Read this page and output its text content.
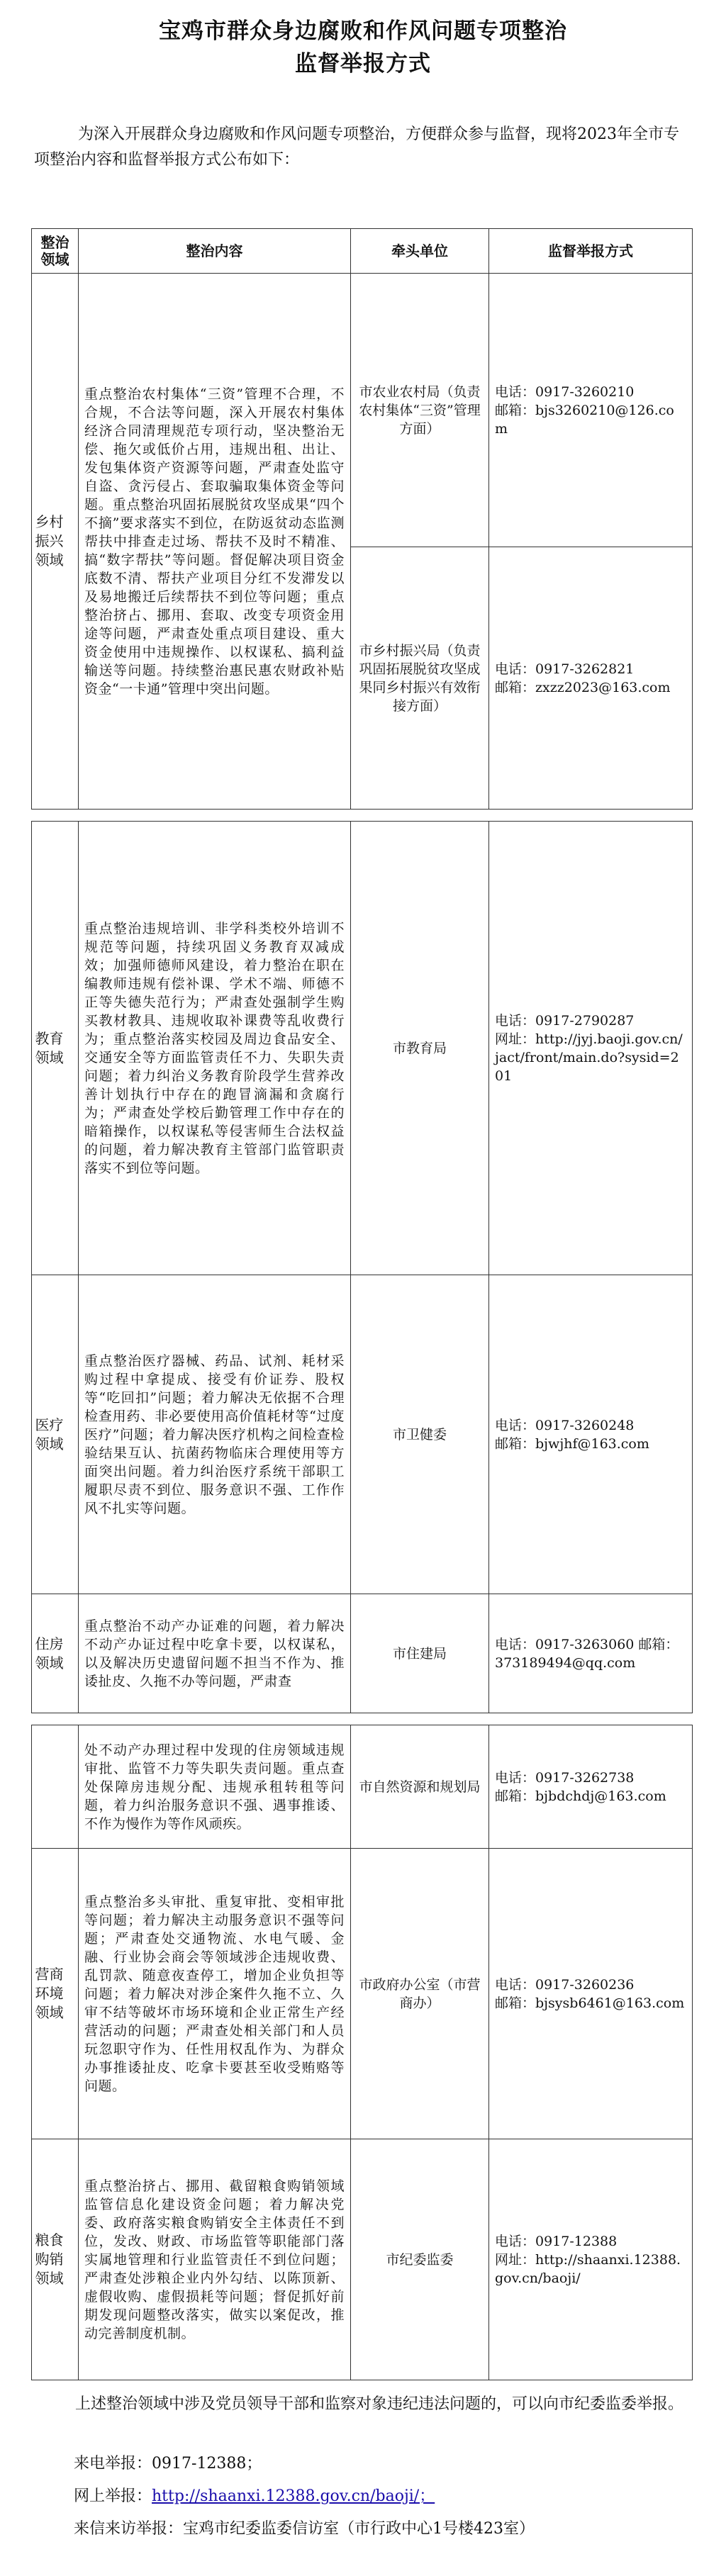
宝鸡市群众身边腐败和作风问题专项整治
监督举报方式
为深入开展群众身边腐败和作风问题专项整治，方便群众参与监督，现将2023年全市专项整治内容和监督举报方式公布如下：
整治领域	整治内容	牵头单位	监督举报方式
乡村振兴领域	重点整治农村集体“三资”管理不合理，不合规，不合法等问题，深入开展农村集体经济合同清理规范专项行动，坚决整治无偿、拖欠或低价占用，违规出租、出让、发包集体资产资源等问题，严肃查处监守自盗、贪污侵占、套取骗取集体资金等问题。重点整治巩固拓展脱贫攻坚成果“四个不摘”要求落实不到位，在防返贫动态监测帮扶中排查走过场、帮扶不及时不精准、搞“数字帮扶”等问题。督促解决项目资金底数不清、帮扶产业项目分红不发滞发以及易地搬迁后续帮扶不到位等问题；重点整治挤占、挪用、套取、改变专项资金用途等问题，严肃查处重点项目建设、重大资金使用中违规操作、以权谋私、搞利益输送等问题。持续整治惠民惠农财政补贴资金“一卡通”管理中突出问题。	市农业农村局（负责农村集体“三资”管理方面）	电话：0917-3260210
邮箱：bjs3260210@126.com

		市乡村振兴局（负责巩固拓展脱贫攻坚成果同乡村振兴有效衔接方面）	电话：0917-3262821
邮箱：zxzz2023@163.com

教育领域	重点整治违规培训、非学科类校外培训不规范等问题，持续巩固义务教育双减成效；加强师德师风建设，着力整治在职在编教师违规有偿补课、学术不端、师德不正等失德失范行为；严肃查处强制学生购买教材教具、违规收取补课费等乱收费行为；重点整治落实校园及周边食品安全、交通安全等方面监管责任不力、失职失责问题；着力纠治义务教育阶段学生营养改善计划执行中存在的跑冒滴漏和贪腐行为；严肃查处学校后勤管理工作中存在的暗箱操作，以权谋私等侵害师生合法权益的问题，着力解决教育主管部门监管职责落实不到位等问题。	市教育局	电话：0917-2790287
网址：http://jyj.baoji.gov.cn/jact/front/main.do?sysid=201

医疗领域	重点整治医疗器械、药品、试剂、耗材采购过程中拿提成、接受有价证券、股权等“吃回扣”问题；着力解决无依据不合理检查用药、非必要使用高价值耗材等“过度医疗”问题；着力解决医疗机构之间检查检验结果互认、抗菌药物临床合理使用等方面突出问题。着力纠治医疗系统干部职工履职尽责不到位、服务意识不强、工作作风不扎实等问题。	市卫健委	电话：0917-3260248
邮箱：bjwjhf@163.com

住房领域	重点整治不动产办证难的问题，着力解决不动产办证过程中吃拿卡要，以权谋私，以及解决历史遗留问题不担当不作为、推诿扯皮、久拖不办等问题，严肃查	市住建局	电话：0917-3263060 邮箱：373189494@qq.com

	处不动产办理过程中发现的住房领域违规审批、监管不力等失职失责问题。重点查处保障房违规分配、违规承租转租等问题，着力纠治服务意识不强、遇事推诿、不作为慢作为等作风顽疾。	市自然资源和规划局	电话：0917-3262738
邮箱：bjbdchdj@163.com

营商环境领域	重点整治多头审批、重复审批、变相审批等问题；着力解决主动服务意识不强等问题；严肃查处交通物流、水电气暖、金融、行业协会商会等领域涉企违规收费、乱罚款、随意夜查停工，增加企业负担等问题；着力解决对涉企案件久拖不立、久审不结等破坏市场环境和企业正常生产经营活动的问题；严肃查处相关部门和人员玩忽职守作为、任性用权乱作为、为群众办事推诿扯皮、吃拿卡要甚至收受贿赂等问题。	市政府办公室（市营商办）	电话：0917-3260236
邮箱：bjsysb6461@163.com

粮食购销领域	重点整治挤占、挪用、截留粮食购销领域监管信息化建设资金问题；着力解决党委、政府落实粮食购销安全主体责任不到位，发改、财政、市场监管等职能部门落实属地管理和行业监管责任不到位问题；严肃查处涉粮企业内外勾结、以陈顶新、虚假收购、虚假损耗等问题；督促抓好前期发现问题整改落实，做实以案促改，推动完善制度机制。	市纪委监委	电话：0917-12388
网址：http://shaanxi.12388.gov.cn/baoji/
上述整治领域中涉及党员领导干部和监察对象违纪违法问题的，可以向市纪委监委举报。
来电举报：0917-12388；
网上举报：http://shaanxi.12388.gov.cn/baoji/；
来信来访举报：宝鸡市纪委监委信访室（市行政中心1号楼423室）
